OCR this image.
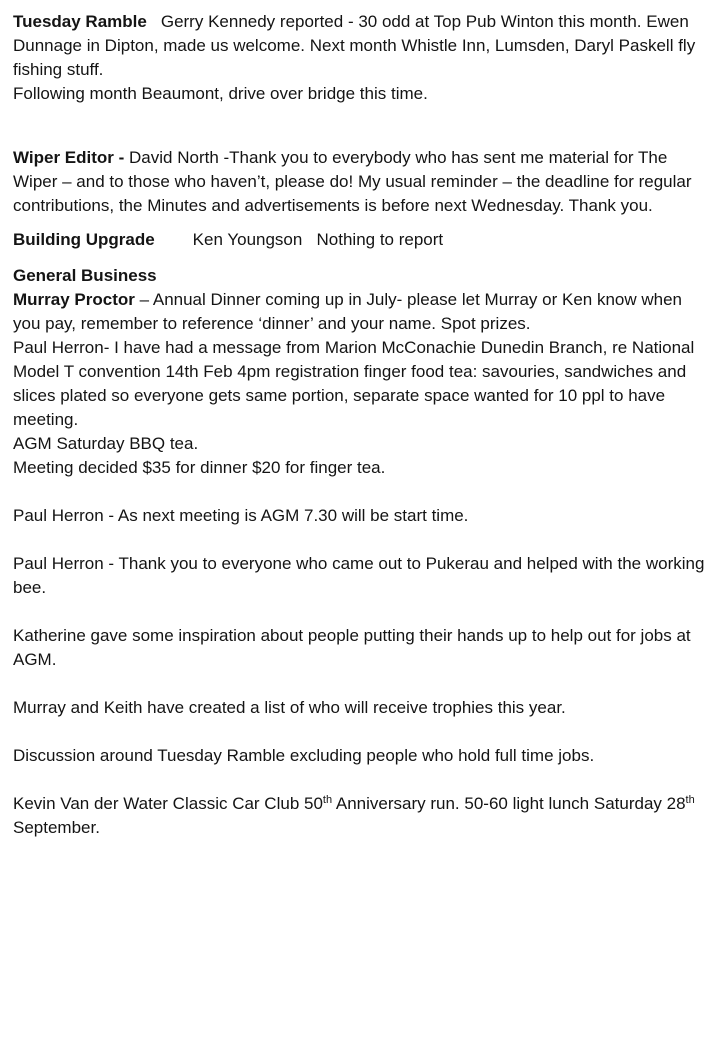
Tuesday Ramble Gerry Kennedy reported - 30 odd at Top Pub Winton this month. Ewen Dunnage in Dipton, made us welcome. Next month Whistle Inn, Lumsden, Daryl Paskell fly fishing stuff.

Following month Beaumont, drive over bridge this time.

Wiper Editor - David North -Thank you to everybody who has sent me material for The Wiper – and to those who haven’t, please do! My usual reminder – the deadline for regular contributions, the Minutes and advertisements is before next Wednesday. Thank you.

Building Upgrade Ken Youngson Nothing to report

General Business

Murray Proctor – Annual Dinner coming up in July- please let Murray or Ken know when you pay, remember to reference ‘dinner’ and your name. Spot prizes.

Paul Herron- I have had a message from Marion McConachie Dunedin Branch, re National Model T convention 14th Feb 4pm registration finger food tea: savouries, sandwiches and slices plated so everyone gets same portion, separate space wanted for 10 ppl to have meeting.

AGM Saturday BBQ tea.

Meeting decided $35 for dinner $20 for finger tea.

Paul Herron - As next meeting is AGM 7.30 will be start time.

Paul Herron - Thank you to everyone who came out to Pukerau and helped with the working bee.

Katherine gave some inspiration about people putting their hands up to help out for jobs at AGM.

Murray and Keith have created a list of who will receive trophies this year.

Discussion around Tuesday Ramble excluding people who hold full time jobs.

Kevin Van der Water Classic Car Club 50th Anniversary run. 50-60 light lunch Saturday 28th September.
